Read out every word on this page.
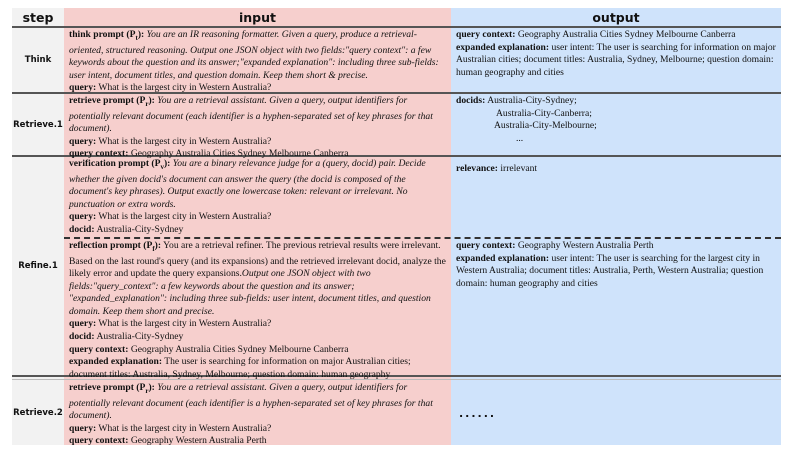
step	input	output
Think
think prompt $(P_t)$: You are an IR reasoning formatter. Given a query, produce a retrieval-oriented, structured reasoning. Output one JSON object with two fields:"query context": a few keywords about the question and its answer;"expanded explanation": including three sub-fields: user intent, document titles, and question domain. Keep them short & precise.
query: What is the largest city in Western Australia?
query context: Geography Australia Cities Sydney Melbourne Canberra
expanded explanation: user intent: The user is searching for information on major Australian cities; document titles: Australia, Sydney, Melbourne; question domain: human geography and cities
Retrieve.1
retrieve prompt $(P_r)$: You are a retrieval assistant. Given a query, output identifiers for potentially relevant document (each identifier is a hyphen-separated set of key phrases for that document).
query: What is the largest city in Western Australia?
query context: Geography Australia Cities Sydney Melbourne Canberra
docids: Australia-City-Sydney;
Australia-City-Canberra;
Australia-City-Melbourne;
...
Refine.1
verification prompt $(P_v)$: You are a binary relevance judge for a (query, docid) pair. Decide whether the given docid's document can answer the query (the docid is composed of the document's key phrases). Output exactly one lowercase token: relevant or irrelevant. No punctuation or extra words.
query: What is the largest city in Western Australia?
docid: Australia-City-Sydney
relevance: irrelevant
reflection prompt $(P_f)$: You are a retrieval refiner. The previous retrieval results were irrelevant. Based on the last round's query (and its expansions) and the retrieved irrelevant docid, analyze the likely error and update the query expansions.Output one JSON object with two fields:"query_context": a few keywords about the question and its answer; "expanded_explanation": including three sub-fields: user intent, document titles, and question domain. Keep them short and precise.
query: What is the largest city in Western Australia?
docid: Australia-City-Sydney
query context: Geography Australia Cities Sydney Melbourne Canberra
expanded explanation: The user is searching for information on major Australian cities; document titles: Australia, Sydney, Melbourne; question domain: human geography
query context: Geography Western Australia Perth
expanded explanation: user intent: The user is searching for the largest city in Western Australia; document titles: Australia, Perth, Western Australia; question domain: human geography and cities
Retrieve.2
retrieve prompt $(P_r)$: You are a retrieval assistant. Given a query, output identifiers for potentially relevant document (each identifier is a hyphen-separated set of key phrases for that document).
query: What is the largest city in Western Australia?
query context: Geography Western Australia Perth
......
